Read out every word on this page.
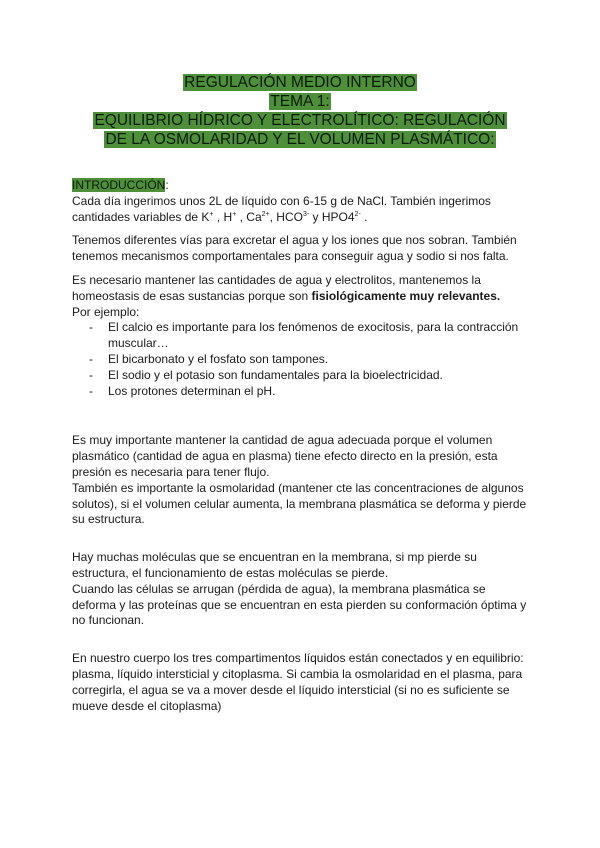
REGULACIÓN MEDIO INTERNO
TEMA 1:
EQUILIBRIO HÍDRICO Y ELECTROLÍTICO: REGULACIÓN
DE LA OSMOLARIDAD Y EL VOLUMEN PLASMÁTICO:

INTRODUCCIÓN:

Cada día ingerimos unos 2L de líquido con 6-15 g de NaCl. También ingerimos
cantidades variables de K+ , H+ , $Ca^{2+}$, $HCO^{3-}$ y $HPO4^{2-}$ .

Tenemos diferentes vías para excretar el agua y los iones que nos sobran. También tenemos mecanismos comportamentales para conseguir agua y sodio si nos falta.

Es necesario mantener las cantidades de agua y electrolitos, mantenemos la homeostasis de esas sustancias porque son fisiológicamente muy relevantes.
Por ejemplo:

- El calcio es importante para los fenómenos de exocitosis, para la contracción muscular…
- El bicarbonato y el fosfato son tampones.
- El sodio y el potasio son fundamentales para la bioelectricidad.
- Los protones determinan el pH.

Es muy importante mantener la cantidad de agua adecuada porque el volumen plasmático (cantidad de agua en plasma) tiene efecto directo en la presión, esta presión es necesaria para tener flujo.

También es importante la osmolaridad (mantener cte las concentraciones de algunos solutos), si el volumen celular aumenta, la membrana plasmática se deforma y pierde su estructura.

Hay muchas moléculas que se encuentran en la membrana, si mp pierde su estructura, el funcionamiento de estas moléculas se pierde.

Cuando las células se arrugan (pérdida de agua), la membrana plasmática se deforma y las proteínas que se encuentran en esta pierden su conformación óptima y no funcionan.

En nuestro cuerpo los tres compartimentos líquidos están conectados y en equilibrio: plasma, líquido intersticial y citoplasma. Si cambia la osmolaridad en el plasma, para corregirla, el agua se va a mover desde el líquido intersticial (si no es suficiente se mueve desde el citoplasma)
